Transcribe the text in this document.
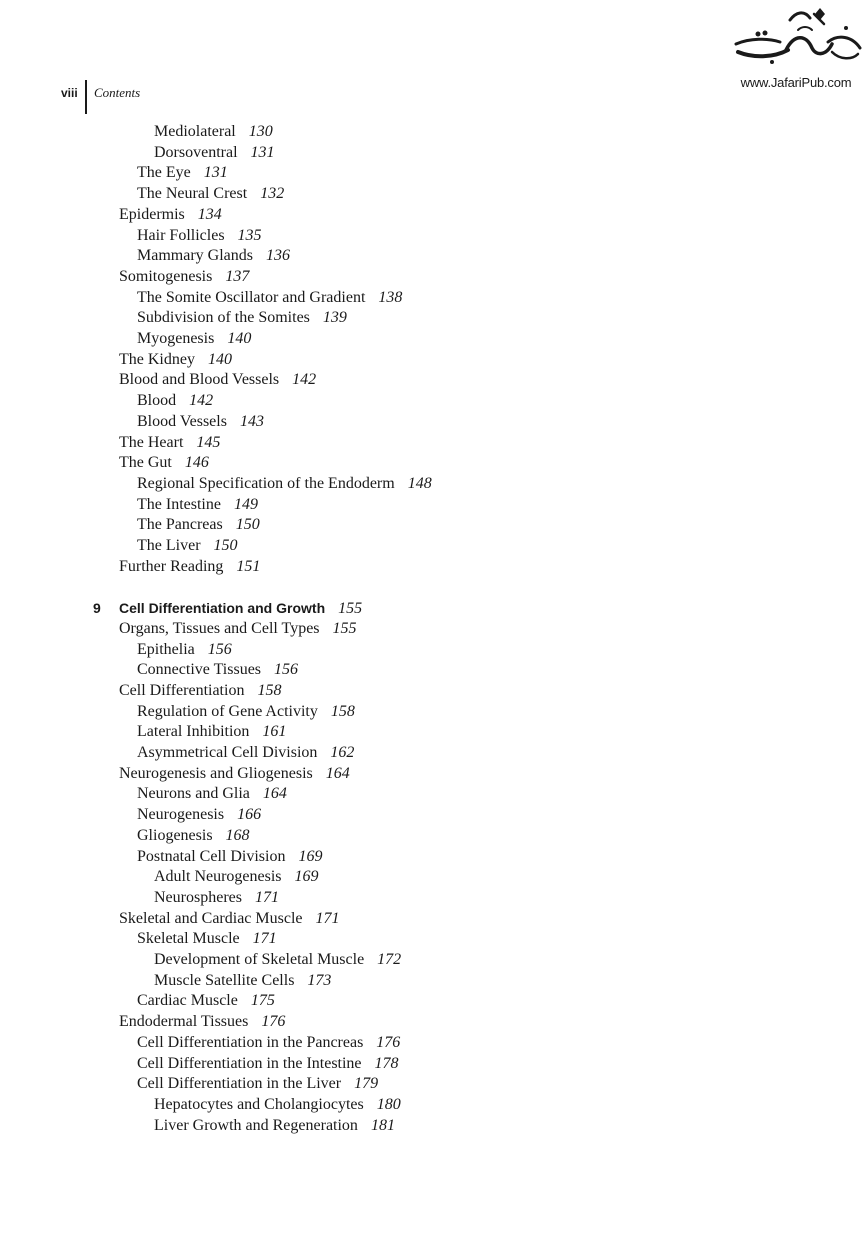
viii Contents
www.JafariPub.com
Mediolateral 130
Dorsoventral 131
The Eye 131
The Neural Crest 132
Epidermis 134
Hair Follicles 135
Mammary Glands 136
Somitogenesis 137
The Somite Oscillator and Gradient 138
Subdivision of the Somites 139
Myogenesis 140
The Kidney 140
Blood and Blood Vessels 142
Blood 142
Blood Vessels 143
The Heart 145
The Gut 146
Regional Specification of the Endoderm 148
The Intestine 149
The Pancreas 150
The Liver 150
Further Reading 151
9 Cell Differentiation and Growth 155
Organs, Tissues and Cell Types 155
Epithelia 156
Connective Tissues 156
Cell Differentiation 158
Regulation of Gene Activity 158
Lateral Inhibition 161
Asymmetrical Cell Division 162
Neurogenesis and Gliogenesis 164
Neurons and Glia 164
Neurogenesis 166
Gliogenesis 168
Postnatal Cell Division 169
Adult Neurogenesis 169
Neurospheres 171
Skeletal and Cardiac Muscle 171
Skeletal Muscle 171
Development of Skeletal Muscle 172
Muscle Satellite Cells 173
Cardiac Muscle 175
Endodermal Tissues 176
Cell Differentiation in the Pancreas 176
Cell Differentiation in the Intestine 178
Cell Differentiation in the Liver 179
Hepatocytes and Cholangiocytes 180
Liver Growth and Regeneration 181
